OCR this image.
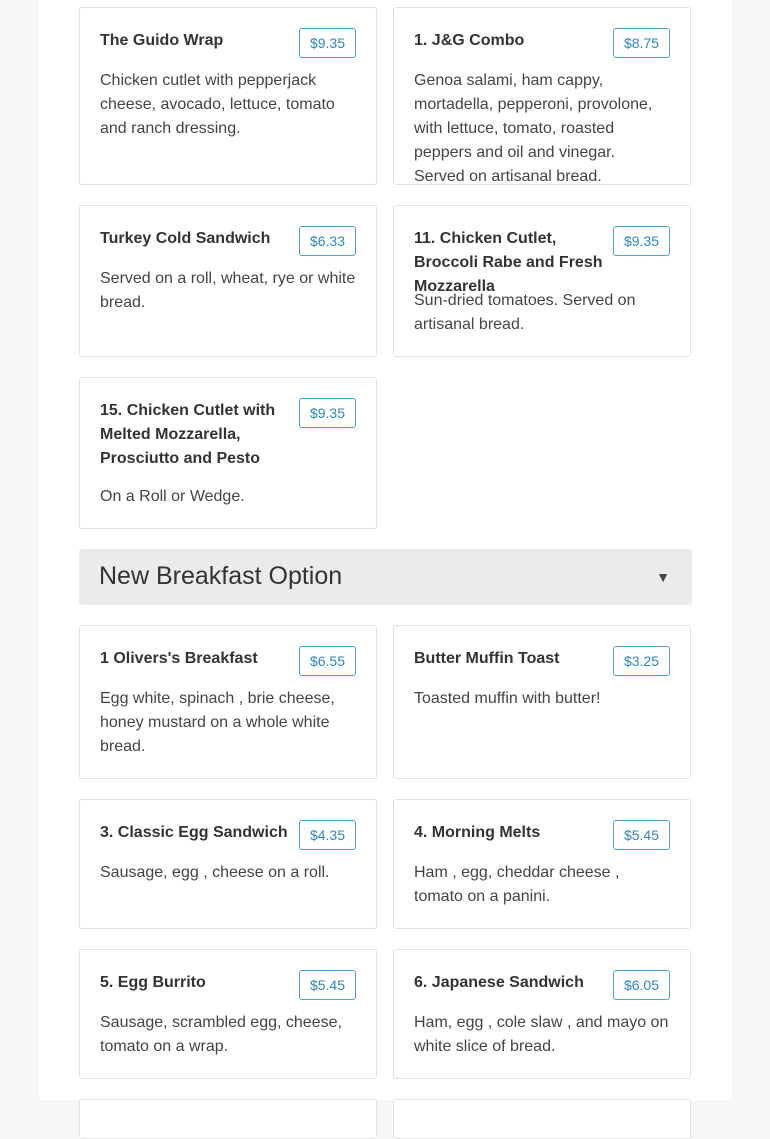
The Guido Wrap	$9.35
Chicken cutlet with pepperjack cheese, avocado, lettuce, tomato and ranch dressing.
1. J&G Combo	$8.75
Genoa salami, ham cappy, mortadella, pepperoni, provolone, with lettuce, tomato, roasted peppers and oil and vinegar. Served on artisanal bread.
Turkey Cold Sandwich	$6.33
Served on a roll, wheat, rye or white bread.
11. Chicken Cutlet, Broccoli Rabe and Fresh Mozzarella
$9.35
Sun-dried tomatoes. Served on artisanal bread.
15. Chicken Cutlet with Melted Mozzarella, Prosciutto and Pesto
$9.35
On a Roll or Wedge.
New Breakfast Option	▼
1 Olivers's Breakfast	$6.55
Egg white, spinach , brie cheese, honey mustard on a whole white bread.
Butter Muffin Toast	$3.25
Toasted muffin with butter!
3. Classic Egg Sandwich	$4.35
Sausage, egg , cheese on a roll.
4. Morning Melts	$5.45
Ham , egg, cheddar cheese , tomato on a panini.
5. Egg Burrito	$5.45
Sausage, scrambled egg, cheese, tomato on a wrap.
6. Japanese Sandwich	$6.05
Ham, egg , cole slaw , and mayo on white slice of bread.
